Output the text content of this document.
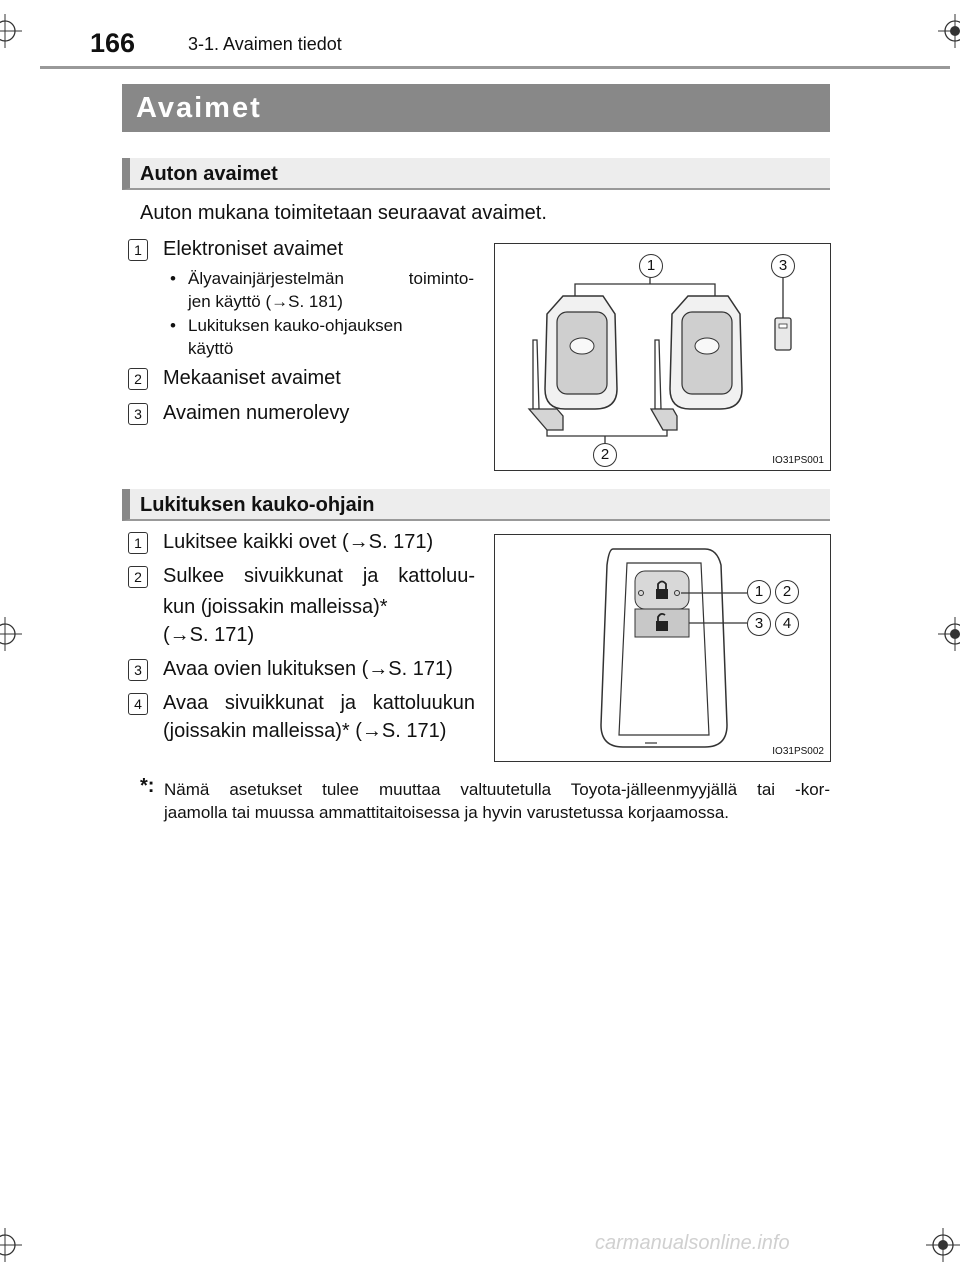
166	3-1. Avaimen tiedot
Avaimet
Auton avaimet
Auton mukana toimitetaan seuraavat avaimet.
1	Elektroniset avaimet
• Älyavainjärjestelmän toiminto-
jen käyttö (→S. 181)
• Lukituksen kauko-ohjauksen
käyttö
2	Mekaaniset avaimet
3	Avaimen numerolevy
1
2
3
IO31PS001
Lukituksen kauko-ohjain
1	Lukitsee kaikki ovet (→S. 171)
2	Sulkee sivuikkunat ja kattoluu-
kun (joissakin malleissa)*
(→S. 171)
3	Avaa ovien lukituksen (→S. 171)
4	Avaa sivuikkunat ja kattoluukun
(joissakin malleissa)* (→S. 171)
1	2
3	4
IO31PS002
*: Nämä asetukset tulee muuttaa valtuutetulla Toyota-jälleenmyyjällä tai -kor-
jaamolla tai muussa ammattitaitoisessa ja hyvin varustetussa korjaamossa.
carmanualsonline.info
